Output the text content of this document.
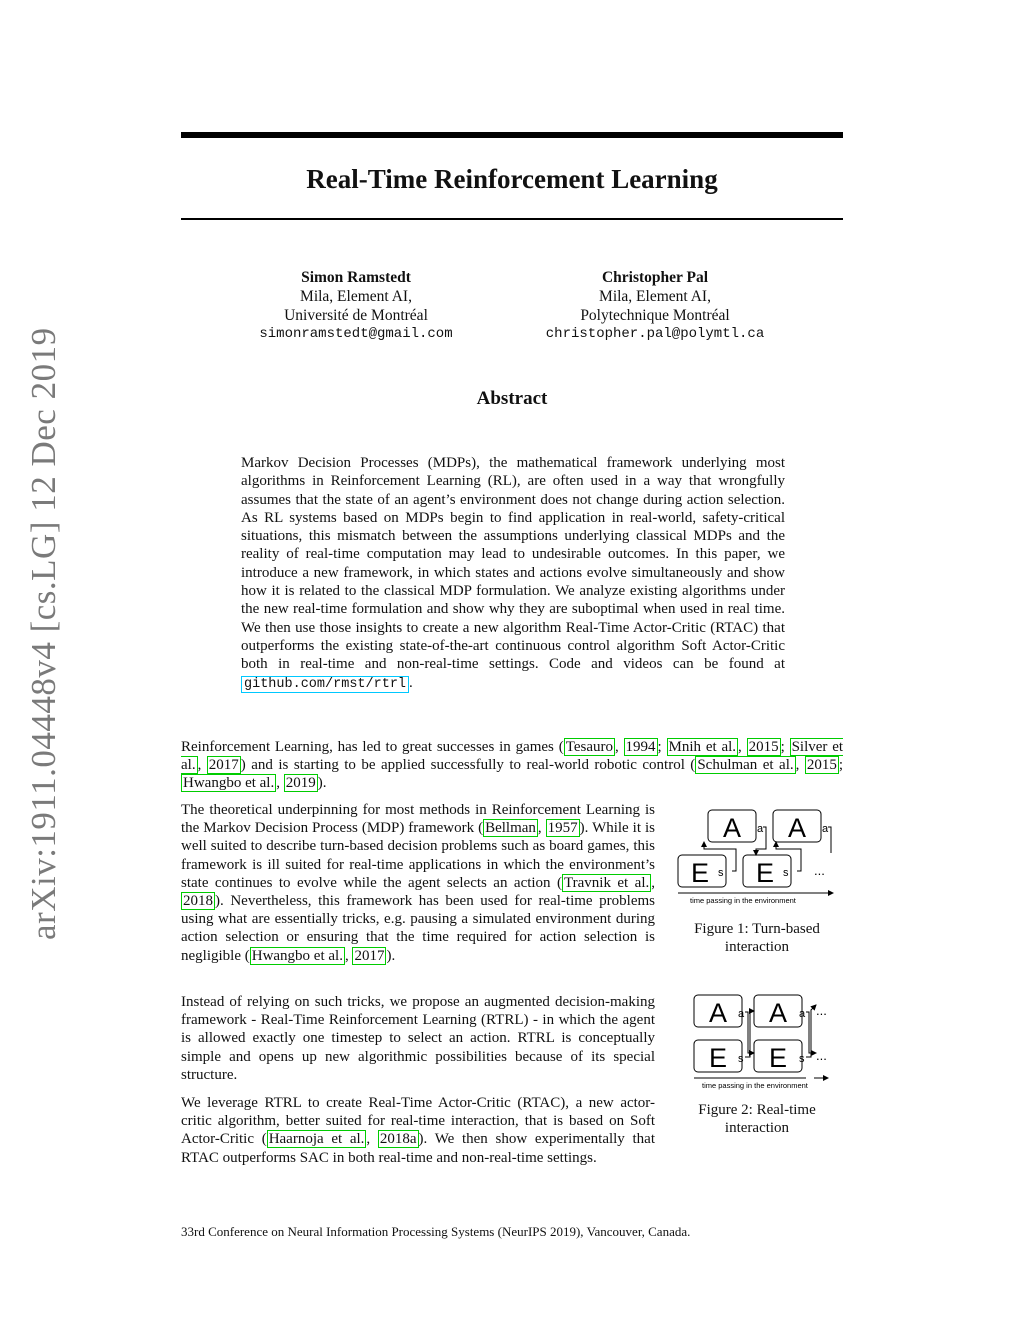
arXiv:1911.04448v4 [cs.LG] 12 Dec 2019
Real-Time Reinforcement Learning
Simon Ramstedt
Mila, Element AI,
Université de Montréal
simonramstedt@gmail.com
Christopher Pal
Mila, Element AI,
Polytechnique Montréal
christopher.pal@polymtl.ca
Abstract
Markov Decision Processes (MDPs), the mathematical framework underlying most algorithms in Reinforcement Learning (RL), are often used in a way that wrongfully assumes that the state of an agent’s environment does not change during action selection. As RL systems based on MDPs begin to find application in real-world, safety-critical situations, this mismatch between the assumptions underlying classical MDPs and the reality of real-time computation may lead to undesirable outcomes. In this paper, we introduce a new framework, in which states and actions evolve simultaneously and show how it is related to the classical MDP formulation. We analyze existing algorithms under the new real-time formulation and show why they are suboptimal when used in real time. We then use those insights to create a new algorithm Real-Time Actor-Critic (RTAC) that outperforms the existing state-of-the-art continuous control algorithm Soft Actor-Critic both in real-time and non-real-time settings. Code and videos can be found at github.com/rmst/rtrl .
Reinforcement Learning, has led to great successes in games ( Tesauro , 1994 ; Mnih et al. , 2015 ; Silver et al. , 2017 ) and is starting to be applied successfully to real-world robotic control ( Schulman et al. , 2015 ; Hwangbo et al. , 2019 ).
The theoretical underpinning for most methods in Reinforcement Learning is the Markov Decision Process (MDP) framework ( Bellman , 1957 ). While it is well suited to describe turn-based decision problems such as board games, this framework is ill suited for real-time applications in which the environment’s state continues to evolve while the agent selects an action ( Travnik et al. , 2018 ). Nevertheless, this framework has been used for real-time problems using what are essentially tricks, e.g. pausing a simulated environment during action selection or ensuring that the time required for action selection is negligible ( Hwangbo et al. , 2017 ).
Instead of relying on such tricks, we propose an augmented decision-making framework - Real-Time Reinforcement Learning (RTRL) - in which the agent is allowed exactly one timestep to select an action. RTRL is conceptually simple and opens up new algorithmic possibilities because of its special structure.
We leverage RTRL to create Real-Time Actor-Critic (RTAC), a new actor-critic algorithm, better suited for real-time interaction, that is based on Soft Actor-Critic ( Haarnoja et al. , 2018a ). We then show experimentally that RTAC outperforms SAC in both real-time and non-real-time settings.
A A
E E
a	a
s	s ...
time passing in the environment
Figure 1: Turn-based interaction
A A
E E
a	a
s	s
...
...
time passing in the environment
Figure 2: Real-time interaction
33rd Conference on Neural Information Processing Systems (NeurIPS 2019), Vancouver, Canada.
